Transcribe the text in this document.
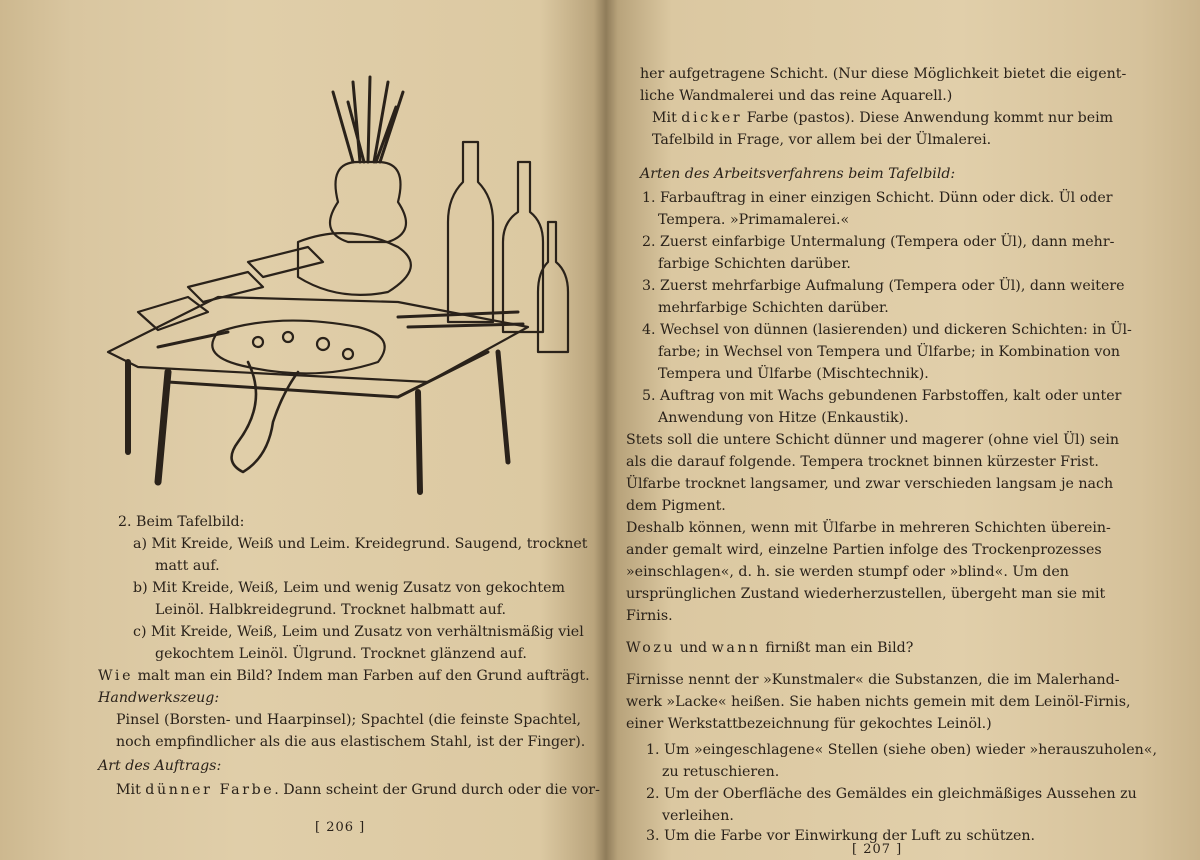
2. Beim Tafelbild:
a) Mit Kreide, Weiß und Leim. Kreidegrund. Saugend, trocknet
matt auf.
b) Mit Kreide, Weiß, Leim und wenig Zusatz von gekochtem
Leinöl. Halbkreidegrund. Trocknet halbmatt auf.
c) Mit Kreide, Weiß, Leim und Zusatz von verhältnismäßig viel
gekochtem Leinöl. Ülgrund. Trocknet glänzend auf.
Wie malt man ein Bild? Indem man Farben auf den Grund aufträgt.
Handwerkszeug:
Pinsel (Borsten- und Haarpinsel); Spachtel (die feinste Spachtel,
noch empfindlicher als die aus elastischem Stahl, ist der Finger).
Art des Auftrags:
Mit dünner Farbe. Dann scheint der Grund durch oder die vor-
[ 206 ]
her aufgetragene Schicht. (Nur diese Möglichkeit bietet die eigent-
liche Wandmalerei und das reine Aquarell.)
Mit dicker Farbe (pastos). Diese Anwendung kommt nur beim
Tafelbild in Frage, vor allem bei der Ülmalerei.
Arten des Arbeitsverfahrens beim Tafelbild:
1. Farbauftrag in einer einzigen Schicht. Dünn oder dick. Ül oder
Tempera. »Primamalerei.«
2. Zuerst einfarbige Untermalung (Tempera oder Ül), dann mehr-
farbige Schichten darüber.
3. Zuerst mehrfarbige Aufmalung (Tempera oder Ül), dann weitere
mehrfarbige Schichten darüber.
4. Wechsel von dünnen (lasierenden) und dickeren Schichten: in Ül-
farbe; in Wechsel von Tempera und Ülfarbe; in Kombination von
Tempera und Ülfarbe (Mischtechnik).
5. Auftrag von mit Wachs gebundenen Farbstoffen, kalt oder unter
Anwendung von Hitze (Enkaustik).
Stets soll die untere Schicht dünner und magerer (ohne viel Ül) sein
als die darauf folgende. Tempera trocknet binnen kürzester Frist.
Ülfarbe trocknet langsamer, und zwar verschieden langsam je nach
dem Pigment.
Deshalb können, wenn mit Ülfarbe in mehreren Schichten überein-
ander gemalt wird, einzelne Partien infolge des Trockenprozesses
»einschlagen«, d. h. sie werden stumpf oder »blind«. Um den
ursprünglichen Zustand wiederherzustellen, übergeht man sie mit
Firnis.
Wozu und wann firnißt man ein Bild?
Firnisse nennt der »Kunstmaler« die Substanzen, die im Malerhand-
werk »Lacke« heißen. Sie haben nichts gemein mit dem Leinöl-Firnis,
einer Werkstattbezeichnung für gekochtes Leinöl.)
1. Um »eingeschlagene« Stellen (siehe oben) wieder »herauszuholen«,
zu retuschieren.
2. Um der Oberfläche des Gemäldes ein gleichmäßiges Aussehen zu
verleihen.
3. Um die Farbe vor Einwirkung der Luft zu schützen.
[ 207 ]
